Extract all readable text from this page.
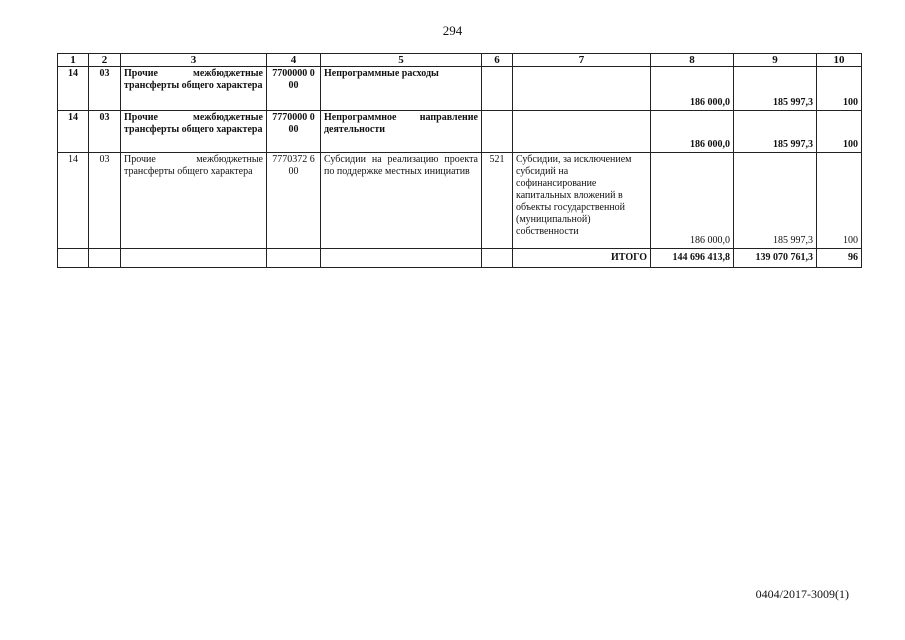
294
1	2	3	4	5	6	7	8	9	10
14	03	Прочие межбюджетные трансферты общего характера	7700000 000	Непрограммные расходы			186 000,0	185 997,3	100
14	03	Прочие межбюджетные трансферты общего характера	7770000 000	Непрограммное направление деятельности			186 000,0	185 997,3	100
14	03	Прочие межбюджетные трансферты общего характера	7770372 600	Субсидии на реализацию проекта по поддержке местных инициатив	521	Субсидии, за исключением субсидий на софинансирование капитальных вложений в объекты государственной (муниципальной) собственности	186 000,0	185 997,3	100
						ИТОГО	144 696 413,8	139 070 761,3	96
0404/2017-3009(1)
